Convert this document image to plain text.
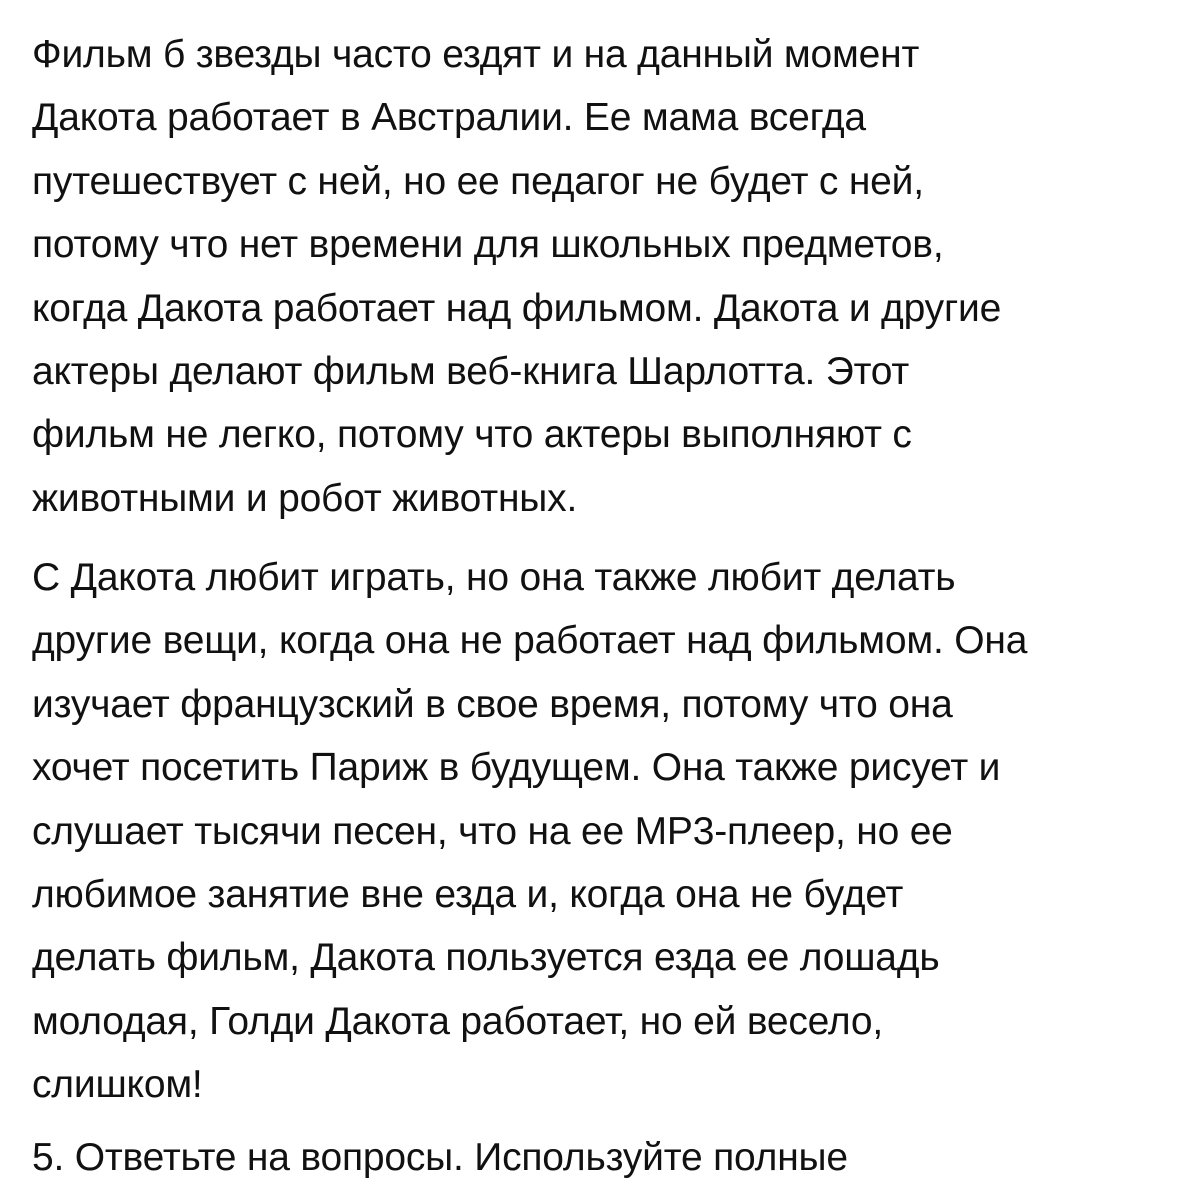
Фильм б звезды часто ездят и на данный момент
Дакота работает в Австралии. Ее мама всегда
путешествует с ней, но ее педагог не будет с ней,
потому что нет времени для школьных предметов,
когда Дакота работает над фильмом. Дакота и другие
актеры делают фильм веб-книга Шарлотта. Этот
фильм не легко, потому что актеры выполняют с
животными и робот животных.
С Дакота любит играть, но она также любит делать
другие вещи, когда она не работает над фильмом. Она
изучает французский в свое время, потому что она
хочет посетить Париж в будущем. Она также рисует и
слушает тысячи песен, что на ее МР3-плеер, но ее
любимое занятие вне езда и, когда она не будет
делать фильм, Дакота пользуется езда ее лошадь
молодая, Голди Дакота работает, но ей весело,
слишком!
5. Ответьте на вопросы. Используйте полные
